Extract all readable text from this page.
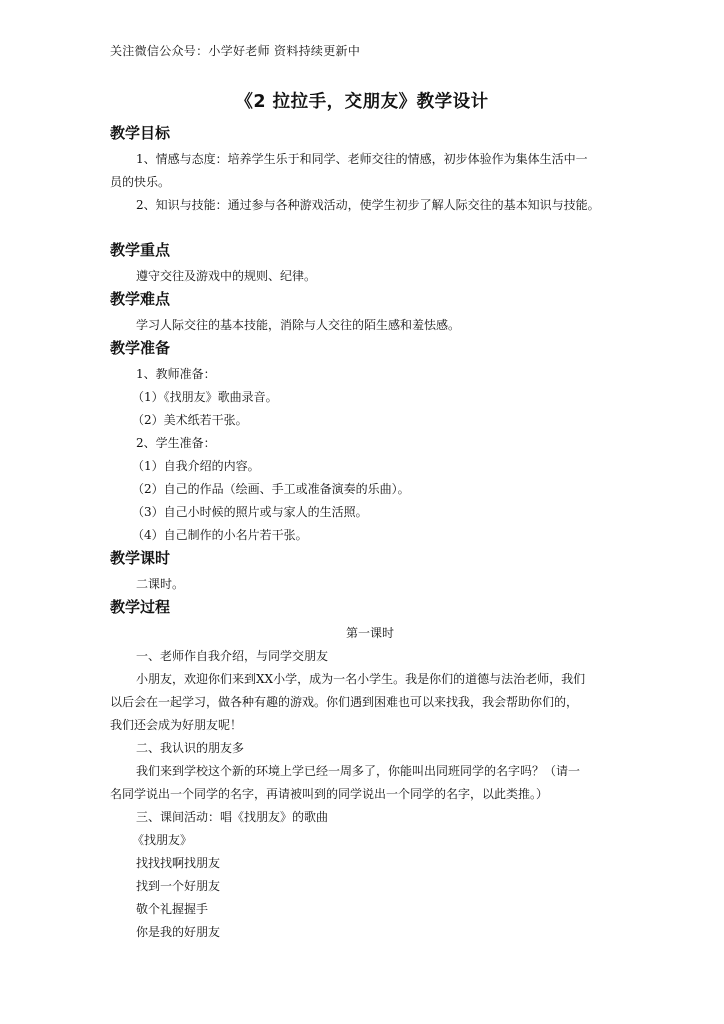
关注微信公众号：小学好老师 资料持续更新中
《2 拉拉手，交朋友》教学设计
教学目标

1、情感与态度：培养学生乐于和同学、老师交往的情感，初步体验作为集体生活中一

员的快乐。

2、知识与技能：通过参与各种游戏活动，使学生初步了解人际交往的基本知识与技能。

教学重点

遵守交往及游戏中的规则、纪律。

教学难点

学习人际交往的基本技能，消除与人交往的陌生感和羞怯感。

教学准备

1、教师准备：

（1）《找朋友》歌曲录音。

（2）美术纸若干张。

2、学生准备：

（1）自我介绍的内容。

（2）自己的作品（绘画、手工或准备演奏的乐曲）。

（3）自己小时候的照片或与家人的生活照。

（4）自己制作的小名片若干张。

教学课时

二课时。

教学过程

第一课时

一、老师作自我介绍，与同学交朋友

小朋友，欢迎你们来到XX小学，成为一名小学生。我是你们的道德与法治老师，我们

以后会在一起学习，做各种有趣的游戏。你们遇到困难也可以来找我，我会帮助你们的，

我们还会成为好朋友呢！

二、我认识的朋友多

我们来到学校这个新的环境上学已经一周多了，你能叫出同班同学的名字吗？（请一

名同学说出一个同学的名字，再请被叫到的同学说出一个同学的名字，以此类推。）

三、课间活动：唱《找朋友》的歌曲

《找朋友》

找找找啊找朋友

找到一个好朋友

敬个礼握握手

你是我的好朋友
